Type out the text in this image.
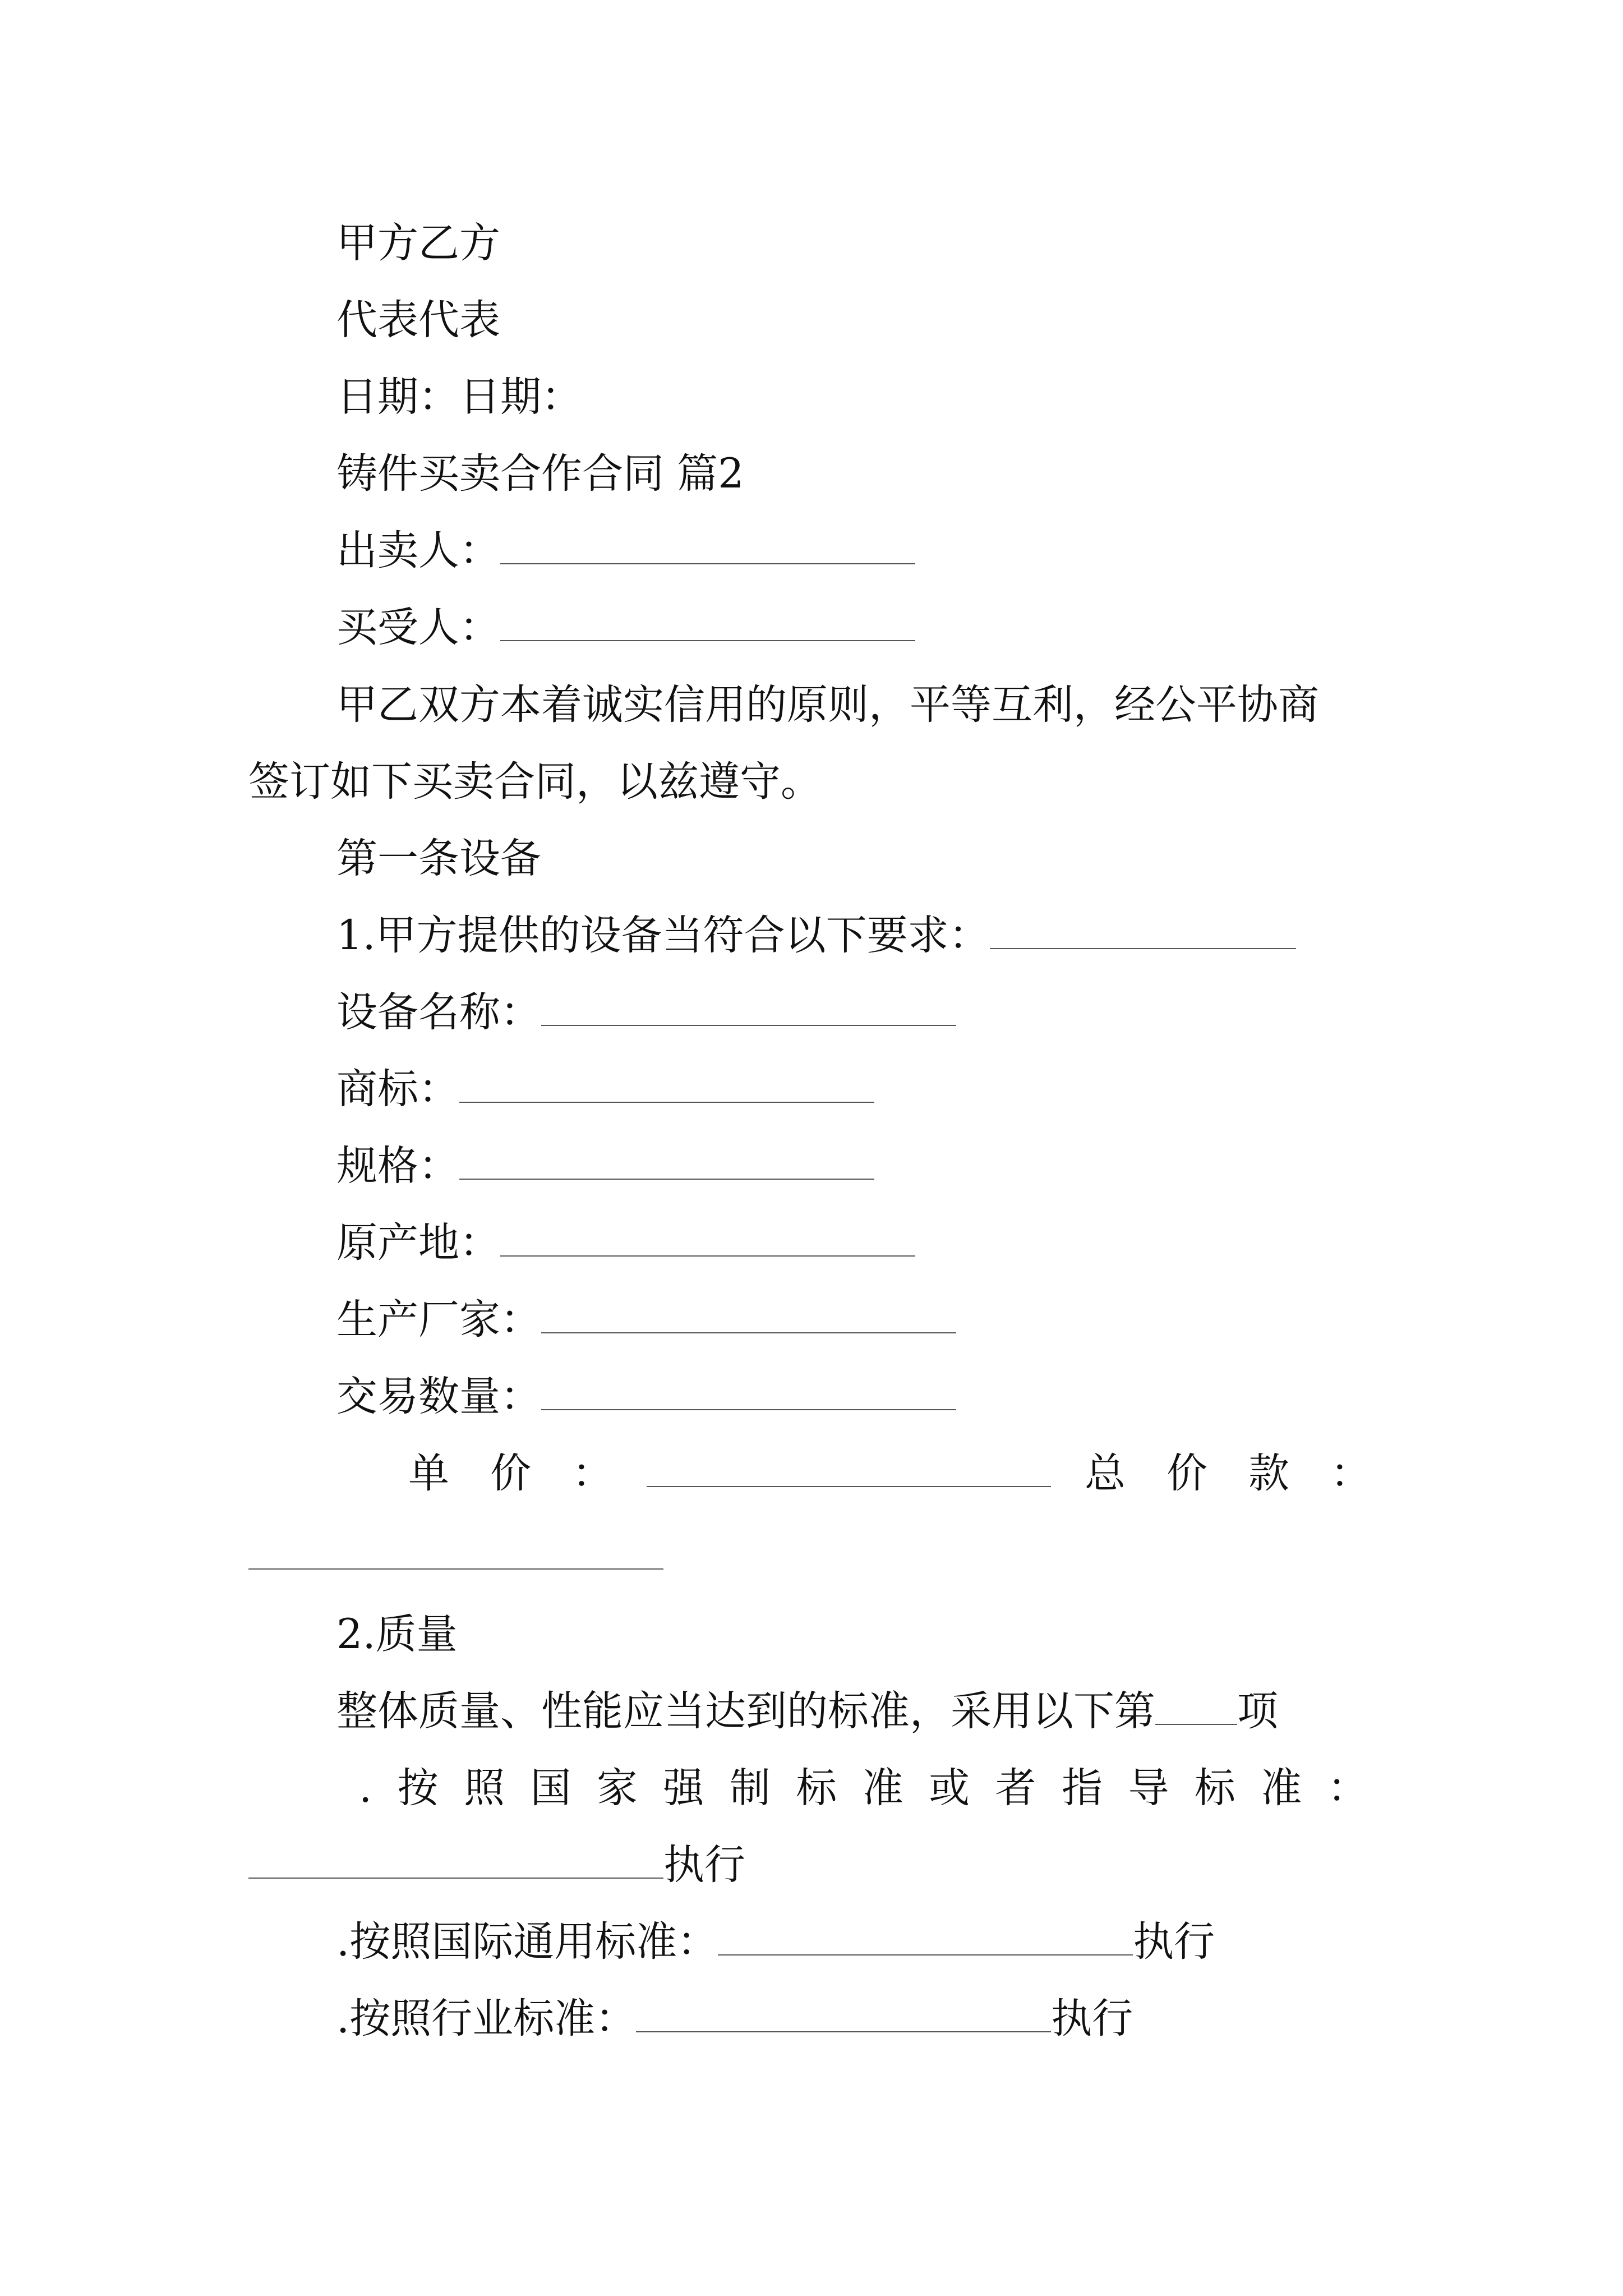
甲方乙方
代表代表
日期：日期：
铸件买卖合作合同 篇2
出卖人：
买受人：
甲乙双方本着诚实信用的原则，平等互利，经公平协商
签订如下买卖合同，以兹遵守。
第一条设备
1.甲方提供的设备当符合以下要求：
设备名称：
商标：
规格：
原产地：
生产厂家：
交易数量：
单 价 ：	总 价 款 ：
2.质量
整体质量、性能应当达到的标准，采用以下第 项
. 按 照 国 家 强 制 标 准 或 者 指 导 标 准 ：
执行
.按照国际通用标准：	执行
.按照行业标准：	执行
